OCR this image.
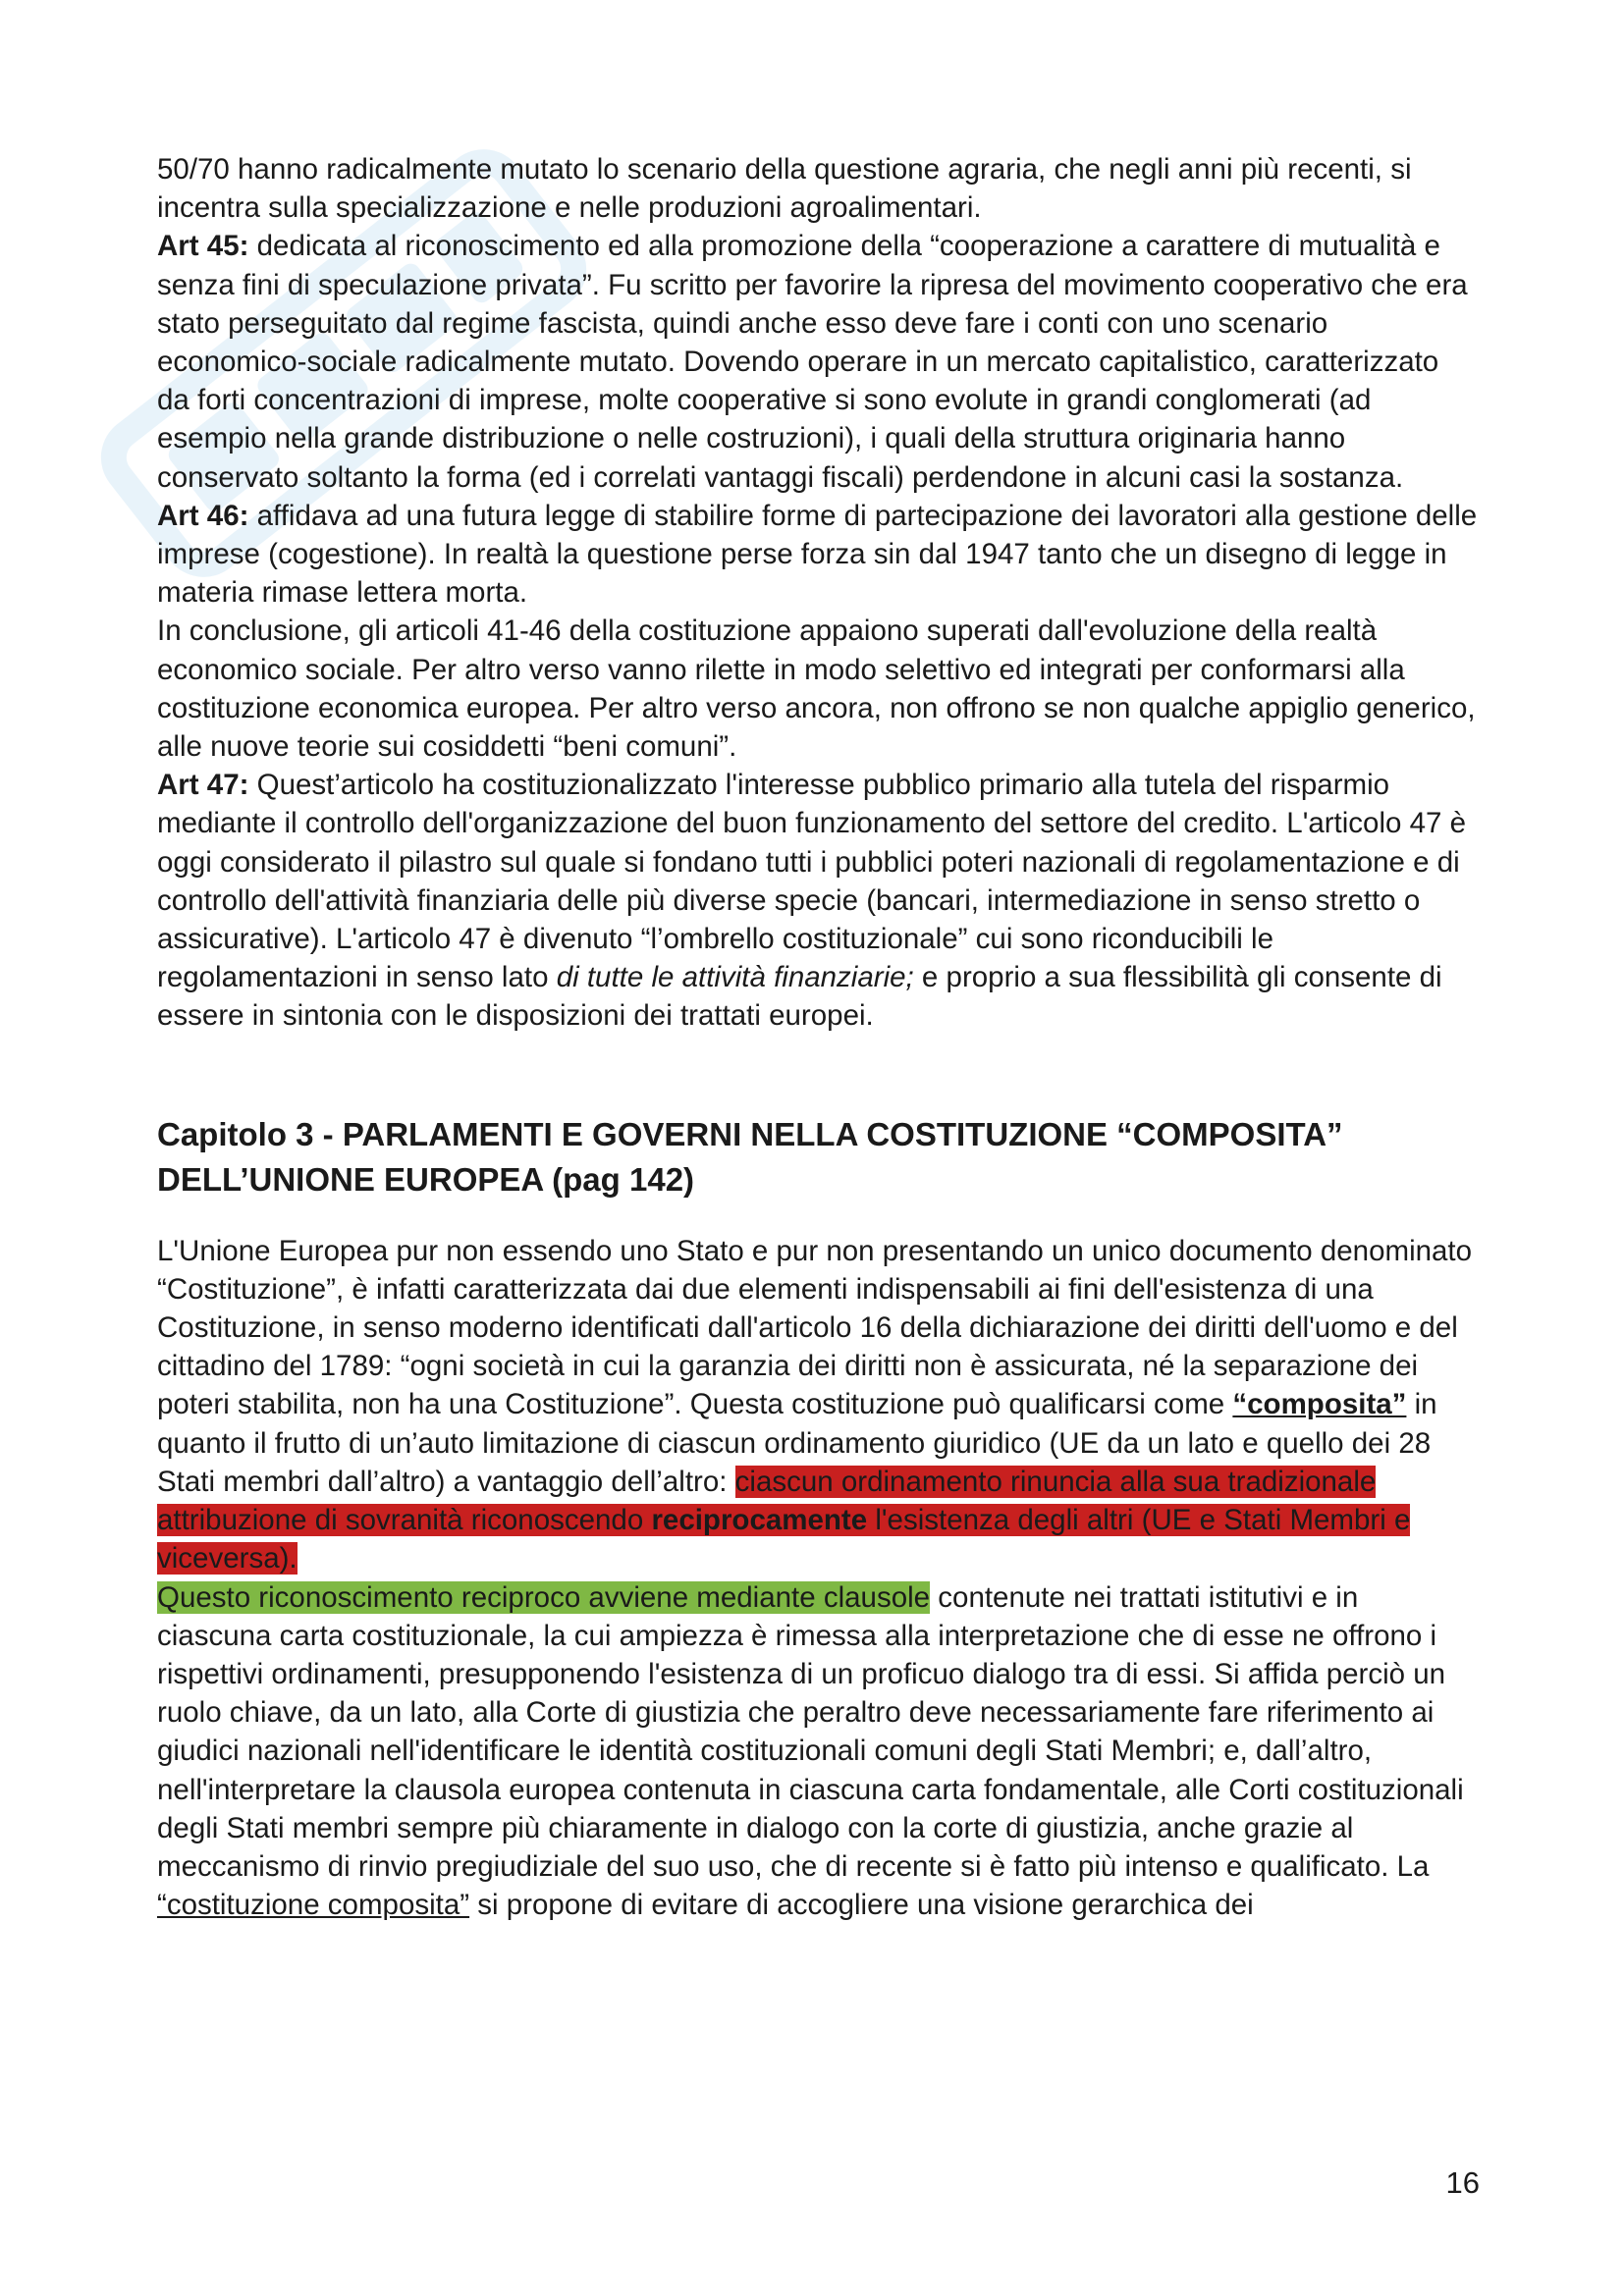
50/70 hanno radicalmente mutato lo scenario della questione agraria, che negli anni più recenti, si incentra sulla specializzazione e nelle produzioni agroalimentari.
Art 45: dedicata al riconoscimento ed alla promozione della “cooperazione a carattere di mutualità e senza fini di speculazione privata”. Fu scritto per favorire la ripresa del movimento cooperativo che era stato perseguitato dal regime fascista, quindi anche esso deve fare i conti con uno scenario economico-sociale radicalmente mutato. Dovendo operare in un mercato capitalistico, caratterizzato da forti concentrazioni di imprese, molte cooperative si sono evolute in grandi conglomerati (ad esempio nella grande distribuzione o nelle costruzioni), i quali della struttura originaria hanno conservato soltanto la forma (ed i correlati vantaggi fiscali) perdendone in alcuni casi la sostanza.
Art 46: affidava ad una futura legge di stabilire forme di partecipazione dei lavoratori alla gestione delle imprese (cogestione). In realtà la questione perse forza sin dal 1947 tanto che un disegno di legge in materia rimase lettera morta.
In conclusione, gli articoli 41-46 della costituzione appaiono superati dall'evoluzione della realtà economico sociale. Per altro verso vanno rilette in modo selettivo ed integrati per conformarsi alla costituzione economica europea. Per altro verso ancora, non offrono se non qualche appiglio generico, alle nuove teorie sui cosiddetti “beni comuni”.
Art 47: Quest’articolo ha costituzionalizzato l'interesse pubblico primario alla tutela del risparmio mediante il controllo dell'organizzazione del buon funzionamento del settore del credito. L'articolo 47 è oggi considerato il pilastro sul quale si fondano tutti i pubblici poteri nazionali di regolamentazione e di controllo dell'attività finanziaria delle più diverse specie (bancari, intermediazione in senso stretto o assicurative). L'articolo 47 è divenuto “l’ombrello costituzionale” cui sono riconducibili le regolamentazioni in senso lato di tutte le attività finanziarie; e proprio a sua flessibilità gli consente di essere in sintonia con le disposizioni dei trattati europei.

Capitolo 3 - PARLAMENTI E GOVERNI NELLA COSTITUZIONE “COMPOSITA” DELL’UNIONE EUROPEA (pag 142)

L'Unione Europea pur non essendo uno Stato e pur non presentando un unico documento denominato “Costituzione”, è infatti caratterizzata dai due elementi indispensabili ai fini dell'esistenza di una Costituzione, in senso moderno identificati dall'articolo 16 della dichiarazione dei diritti dell'uomo e del cittadino del 1789: “ogni società in cui la garanzia dei diritti non è assicurata, né la separazione dei poteri stabilita, non ha una Costituzione”. Questa costituzione può qualificarsi come “composita” in quanto il frutto di un’auto limitazione di ciascun ordinamento giuridico (UE da un lato e quello dei 28 Stati membri dall’altro) a vantaggio dell’altro: ciascun ordinamento rinuncia alla sua tradizionale attribuzione di sovranità riconoscendo reciprocamente l'esistenza degli altri (UE e Stati Membri e viceversa).
Questo riconoscimento reciproco avviene mediante clausole contenute nei trattati istitutivi e in ciascuna carta costituzionale, la cui ampiezza è rimessa alla interpretazione che di esse ne offrono i rispettivi ordinamenti, presupponendo l'esistenza di un proficuo dialogo tra di essi. Si affida perciò un ruolo chiave, da un lato, alla Corte di giustizia che peraltro deve necessariamente fare riferimento ai giudici nazionali nell'identificare le identità costituzionali comuni degli Stati Membri; e, dall’altro, nell'interpretare la clausola europea contenuta in ciascuna carta fondamentale, alle Corti costituzionali degli Stati membri sempre più chiaramente in dialogo con la corte di giustizia, anche grazie al meccanismo di rinvio pregiudiziale del suo uso, che di recente si è fatto più intenso e qualificato. La “costituzione composita” si propone di evitare di accogliere una visione gerarchica dei

16
